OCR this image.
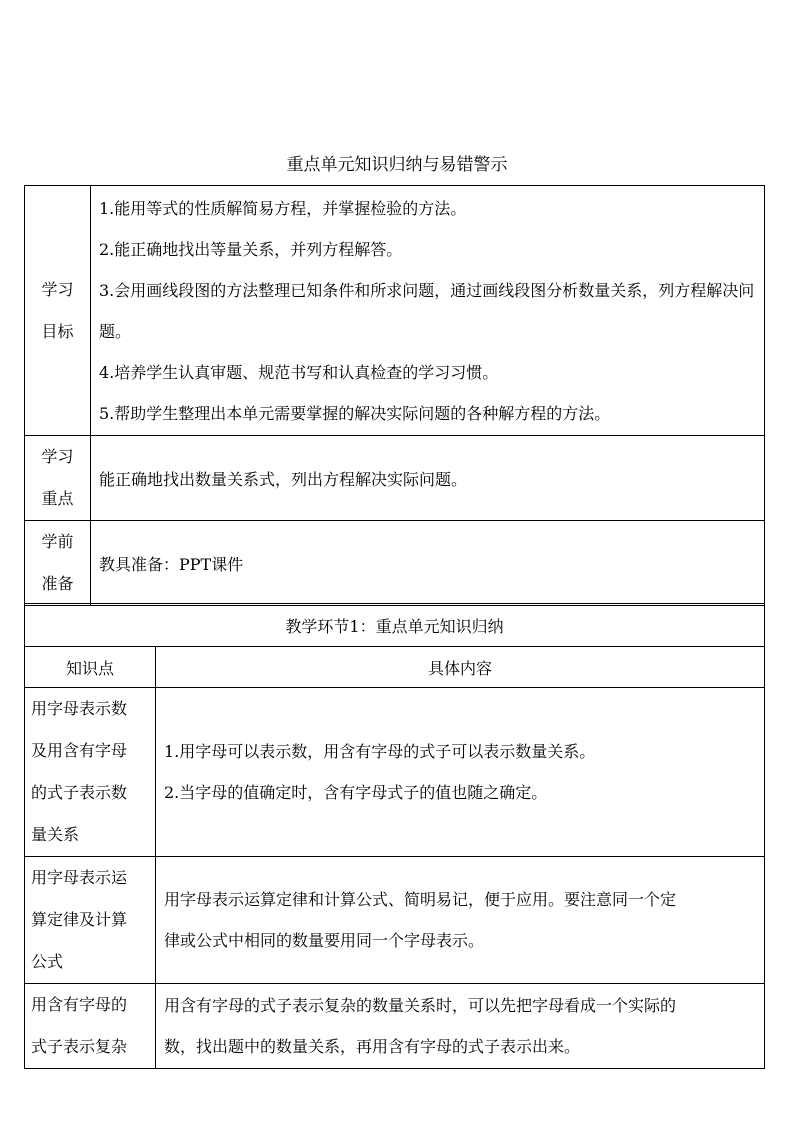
重点单元知识归纳与易错警示
学习
目标	1.能用等式的性质解简易方程，并掌握检验的方法。
2.能正确地找出等量关系，并列方程解答。
3.会用画线段图的方法整理已知条件和所求问题，通过画线段图分析数量关系，列方程解决问题。
4.培养学生认真审题、规范书写和认真检查的学习习惯。
5.帮助学生整理出本单元需要掌握的解决实际问题的各种解方程的方法。

学习
重点	能正确地找出数量关系式，列出方程解决实际问题。

学前
准备	教具准备：PPT课件
教学环节1：重点单元知识归纳	
知识点	具体内容

用字母表示数
及用含有字母
的式子表示数
量关系	1.用字母可以表示数，用含有字母的式子可以表示数量关系。
2.当字母的值确定时，含有字母式子的值也随之确定。

用字母表示运
算定律及计算
公式	用字母表示运算定律和计算公式、简明易记，便于应用。要注意同一个定
律或公式中相同的数量要用同一个字母表示。

用含有字母的
式子表示复杂	用含有字母的式子表示复杂的数量关系时，可以先把字母看成一个实际的
数，找出题中的数量关系，再用含有字母的式子表示出来。
